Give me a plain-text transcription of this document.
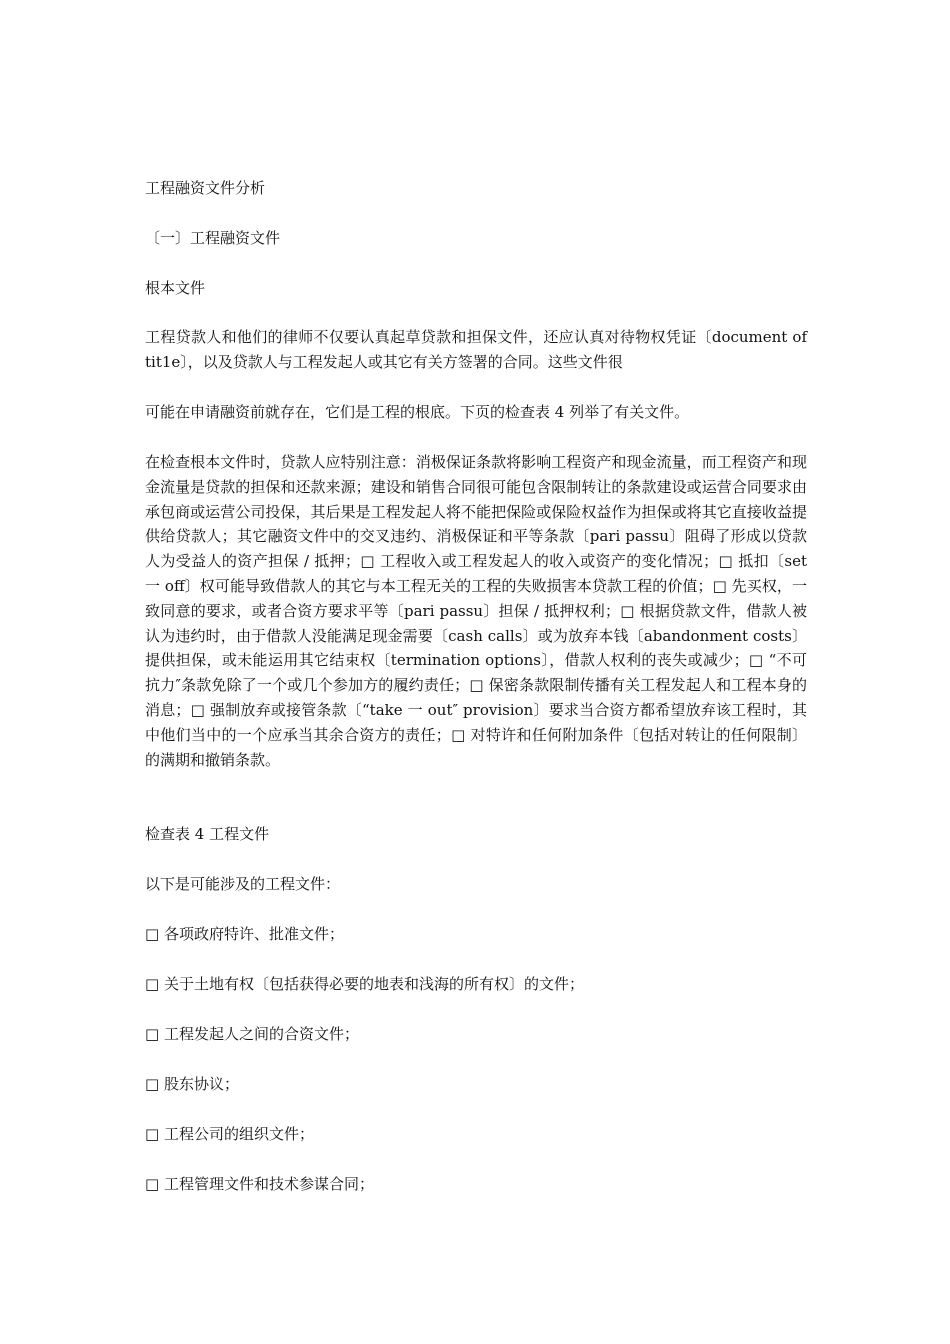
工程融资文件分析

〔一〕工程融资文件

根本文件

工程贷款人和他们的律师不仅要认真起草贷款和担保文件，还应认真对待物权凭证〔document of tit1e〕，以及贷款人与工程发起人或其它有关方签署的合同。这些文件很

可能在申请融资前就存在，它们是工程的根底。下页的检查表 4 列举了有关文件。

在检查根本文件时，贷款人应特别注意：消极保证条款将影响工程资产和现金流量，而工程资产和现金流量是贷款的担保和还款来源；建设和销售合同很可能包含限制转让的条款建设或运营合同要求由承包商或运营公司投保，其后果是工程发起人将不能把保险或保险权益作为担保或将其它直接收益提供给贷款人；其它融资文件中的交叉违约、消极保证和平等条款〔pari passu〕阻碍了形成以贷款人为受益人的资产担保 / 抵押；□ 工程收入或工程发起人的收入或资产的变化情况；□ 抵扣〔set 一 off〕权可能导致借款人的其它与本工程无关的工程的失败损害本贷款工程的价值；□ 先买权，一致同意的要求，或者合资方要求平等〔pari passu〕担保 / 抵押权利；□ 根据贷款文件，借款人被认为违约时，由于借款人没能满足现金需要〔cash calls〕或为放弃本钱〔abandonment costs〕提供担保，或未能运用其它结束权〔termination options〕，借款人权利的丧失或减少；□ “不可抗力″条款免除了一个或几个参加方的履约责任；□ 保密条款限制传播有关工程发起人和工程本身的消息；□ 强制放弃或接管条款〔“take 一 out″ provision〕要求当合资方都希望放弃该工程时，其中他们当中的一个应承当其余合资方的责任；□ 对特许和任何附加条件〔包括对转让的任何限制〕的满期和撤销条款。

检查表 4 工程文件

以下是可能涉及的工程文件：

□ 各项政府特许、批准文件；

□ 关于土地有权〔包括获得必要的地表和浅海的所有权〕的文件；

□ 工程发起人之间的合资文件；

□ 股东协议；

□ 工程公司的组织文件；

□ 工程管理文件和技术参谋合同；
